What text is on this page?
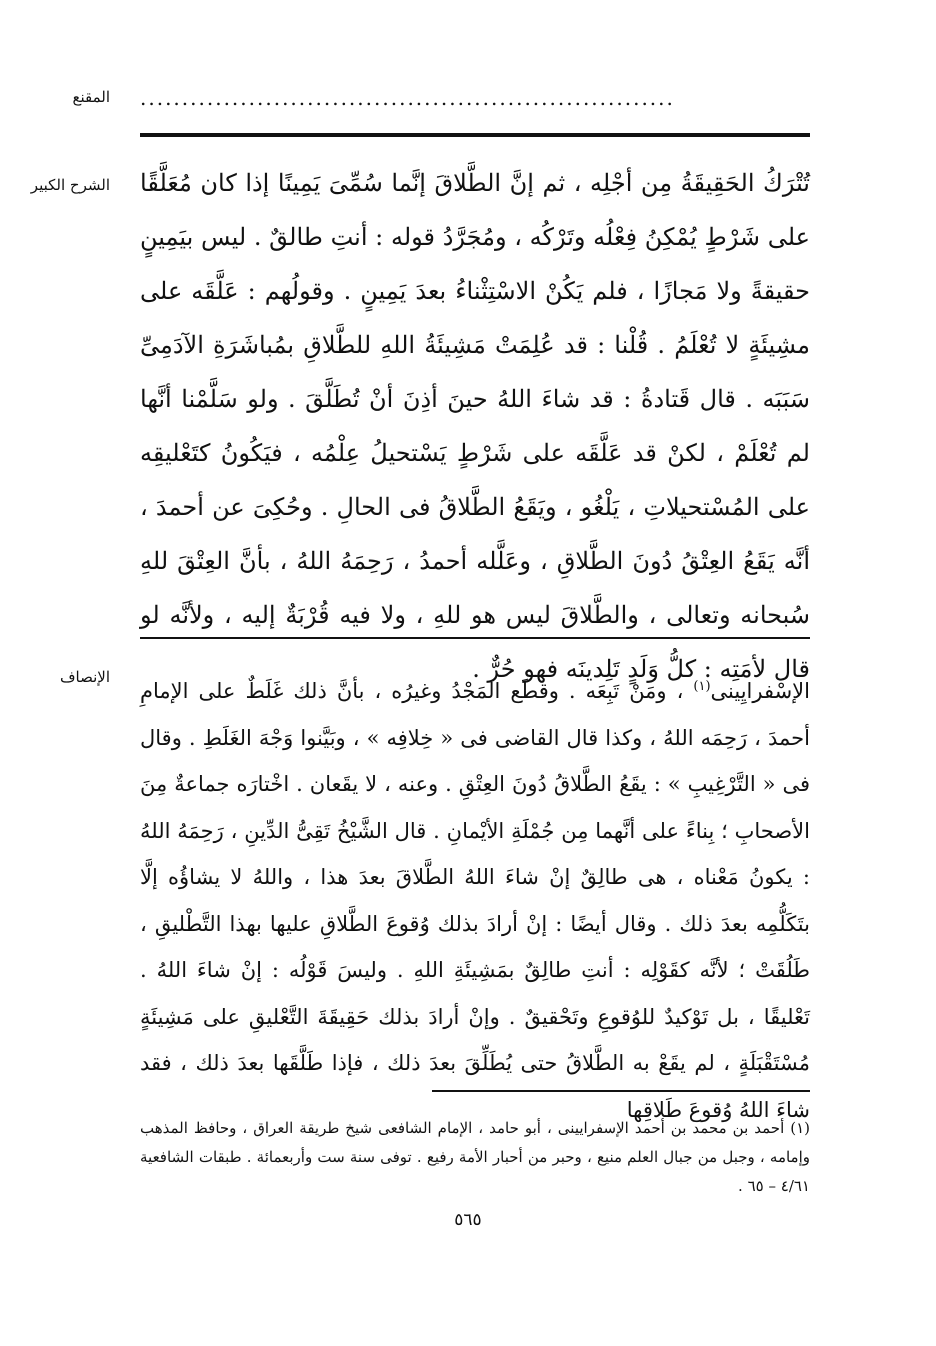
المقنع ................................................................
الشرح الكبير تُتْرَكُ الحَقِيقَةُ مِن أجْلِه ، ثم إنَّ الطَّلاقَ إنَّما سُمِّىَ يَمِينًا إذا كان مُعَلَّقًا على شَرْطٍ يُمْكِنُ فِعْلُه وتَرْكُه ، ومُجَرَّدُ قوله : أنتِ طالقٌ . ليس بيَمِينٍ حقيقةً ولا مَجازًا ، فلم يَكُنْ الاسْتِثْناءُ بعدَ يَمِينٍ . وقولُهم : عَلَّقَه على مشِيئَةٍ لا تُعْلَمُ . قُلْنا : قد عُلِمَتْ مَشِيئَةُ اللهِ للطَّلاقِ بمُباشَرَةِ الآدَمِىِّ سَبَبَه . قال قَتادةُ : قد شاءَ اللهُ حينَ أذِنَ أنْ تُطَلَّقَ . ولو سَلَّمْنا أنَّها لم تُعْلَمْ ، لكنْ قد عَلَّقَه على شَرْطٍ يَسْتحيلُ عِلْمُه ، فيَكُونُ كتَعْليقِه على المُسْتحيلاتِ ، يَلْغُو ، ويَقَعُ الطَّلاقُ فى الحالِ . وحُكِىَ عن أحمدَ ، أنَّه يَقَعُ العِتْقُ دُونَ الطَّلاقِ ، وعَلَّله أحمدُ ، رَحِمَهُ اللهُ ، بأنَّ العِتْقَ للهِ سُبحانه وتعالى ، والطَّلاقَ ليس هو للهِ ، ولا فيه قُرْبَةٌ إليه ، ولأنَّه لو قال لأمَتِه : كلُّ وَلَدٍ تَلِدينَه فهو حُرٌّ .
الإنصاف
الإسْفرايِينى$^{(١)}$ ، ومَنْ تَبِعَه . وقطَع المَجْدُ وغيرُه ، بأنَّ ذلك غَلَطٌ على الإمامِ أحمدَ ، رَحِمَه اللهُ ، وكذا قال القاضى فى « خِلافِه » ، وبَيَّنوا وَجْهَ الغَلَطِ . وقال فى « التَّرْغِيبِ » : يقَعُ الطَّلاقُ دُونَ العِتْقِ . وعنه ، لا يقَعان . اخْتارَه جماعةٌ مِنَ الأصحابِ ؛ بِناءً على أنَّهما مِن جُمْلَةِ الأيْمانِ . قال الشَّيْخُ تَقِىُّ الدِّينِ ، رَحِمَهُ اللهُ : يكونُ مَعْناه ، هى طالِقٌ إنْ شاءَ اللهُ الطَّلاقَ بعدَ هذا ، واللهُ لا يشاؤُه إلَّا بتَكَلُّمِه بعدَ ذلك . وقال أيضًا : إنْ أرادَ بذلك وُقوعَ الطَّلاقِ عليها بهذا التَّطْليقِ ، طَلُقَتْ ؛ لأنَّه كقَوْلِه : أنتِ طالِقٌ بمَشِيئَةِ اللهِ . وليسَ قَوْلُه : إنْ شاءَ اللهُ . تَعْليقًا ، بل تَوْكيدٌ للوُقوعِ وتَحْقيقٌ . وإنْ أرادَ بذلك حَقِيقَةَ التَّعْليقِ على مَشِيئَةٍ مُسْتَقْبَلَةٍ ، لم يقَعْ به الطَّلاقُ حتى يُطَلِّقَ بعدَ ذلك ، فإذا طَلَّقَها بعدَ ذلك ، فقد شاءَ اللهُ وُقوعَ طَلاقِها
(١) أحمد بن محمد بن أحمد الإسفرايينى ، أبو حامد ، الإمام الشافعى شيخ طريقة العراق ، وحافظ المذهب وإمامه ، وجبل من جبال العلم منيع ، وحبر من أحبار الأمة رفيع . توفى سنة ست وأربعمائة . طبقات الشافعية ٤/٦١ – ٦٥ .
٥٦٥
